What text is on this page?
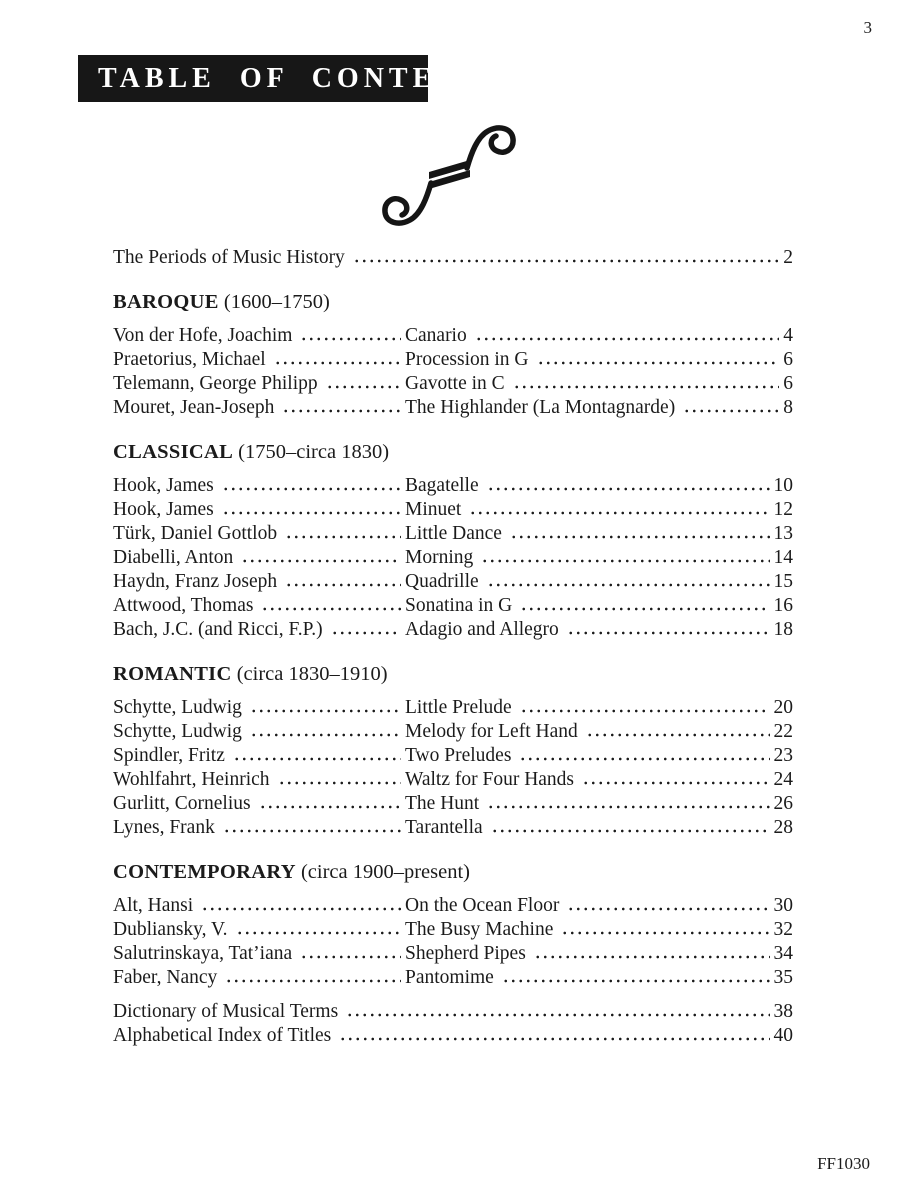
3
TABLE OF CONTENTS
The Periods of Music History	2
BAROQUE (1600–1750)
Von der Hofe, Joachim	Canario	4
Praetorius, Michael	Procession in G	6
Telemann, George Philipp	Gavotte in C	6
Mouret, Jean-Joseph	The Highlander (La Montagnarde)	8
CLASSICAL (1750–circa 1830)
Hook, James	Bagatelle	10
Hook, James	Minuet	12
Türk, Daniel Gottlob	Little Dance	13
Diabelli, Anton	Morning	14
Haydn, Franz Joseph	Quadrille	15
Attwood, Thomas	Sonatina in G	16
Bach, J.C. (and Ricci, F.P.)	Adagio and Allegro	18
ROMANTIC (circa 1830–1910)
Schytte, Ludwig	Little Prelude	20
Schytte, Ludwig	Melody for Left Hand	22
Spindler, Fritz	Two Preludes	23
Wohlfahrt, Heinrich	Waltz for Four Hands	24
Gurlitt, Cornelius	The Hunt	26
Lynes, Frank	Tarantella	28
CONTEMPORARY (circa 1900–present)
Alt, Hansi	On the Ocean Floor	30
Dubliansky, V.	The Busy Machine	32
Salutrinskaya, Tat’iana	Shepherd Pipes	34
Faber, Nancy	Pantomime	35
Dictionary of Musical Terms	38
Alphabetical Index of Titles	40
FF1030
